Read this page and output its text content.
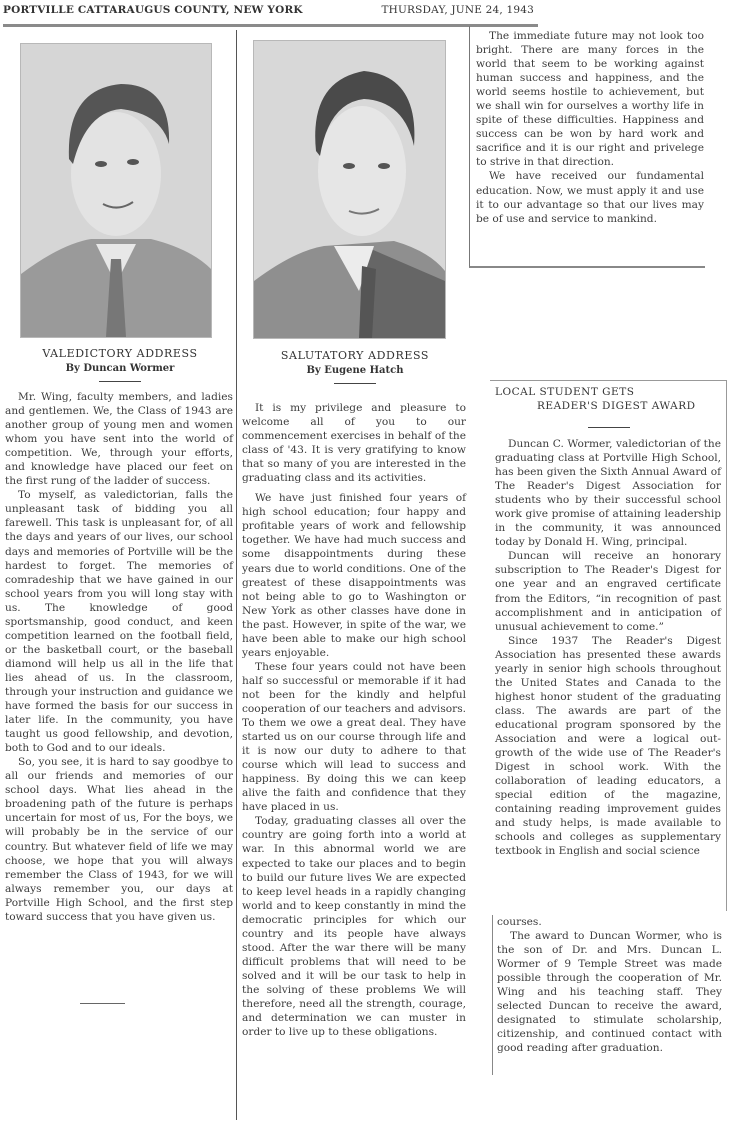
PORTVILLE CATTARAUGUS COUNTY, NEW YORK	THURSDAY, JUNE 24, 1943

The immediate future may not look too bright. There are many forces in the world that seem to be working against human success and happiness, and the world seems hostile to achievement, but we shall win for ourselves a worthy life in spite of these difficulties. Happiness and success can be won by hard work and sacrifice and it is our right and privelege to strive in that direction.

We have received our fundamental education. Now, we must apply it and use it to our advantage so that our lives may be of use and service to mankind.

VALEDICTORY ADDRESS
By Duncan Wormer

Mr. Wing, faculty members, and ladies and gentlemen. We, the Class of 1943 are another group of young men and women whom you have sent into the world of competition. We, through your efforts, and knowledge have placed our feet on the first rung of the ladder of success.

To myself, as valedictorian, falls the unpleasant task of bidding you all farewell. This task is unpleasant for, of all the days and years of our lives, our school days and memories of Portville will be the hardest to forget. The memories of comradeship that we have gained in our school years from you will long stay with us. The knowledge of good sportsmanship, good conduct, and keen competition learned on the football field, or the basketball court, or the baseball diamond will help us all in the life that lies ahead of us. In the classroom, through your instruction and guidance we have formed the basis for our success in later life. In the community, you have taught us good fellowship, and devotion, both to God and to our ideals.

So, you see, it is hard to say goodbye to all our friends and memories of our school days. What lies ahead in the broadening path of the future is perhaps uncertain for most of us, For the boys, we will probably be in the service of our country. But whatever field of life we may choose, we hope that you will always remember the Class of 1943, for we will always remember you, our days at Portville High School, and the first step toward success that you have given us.

SALUTATORY ADDRESS
By Eugene Hatch

It is my privilege and pleasure to welcome all of you to our commencement exercises in behalf of the class of '43. It is very gratifying to know that so many of you are interested in the graduating class and its activities.

We have just finished four years of high school education; four happy and profitable years of work and fellowship together. We have had much success and some disappointments during these years due to world conditions. One of the greatest of these disappointments was not being able to go to Washington or New York as other classes have done in the past. However, in spite of the war, we have been able to make our high school years enjoyable.

These four years could not have been half so successful or memorable if it had not been for the kindly and helpful cooperation of our teachers and advisors. To them we owe a great deal. They have started us on our course through life and it is now our duty to adhere to that course which will lead to success and happiness. By doing this we can keep alive the faith and confidence that they have placed in us.

Today, graduating classes all over the country are going forth into a world at war. In this abnormal world we are expected to take our places and to begin to build our future lives We are expected to keep level heads in a rapidly changing world and to keep constantly in mind the democratic principles for which our country and its people have always stood. After the war there will be many difficult problems that will need to be solved and it will be our task to help in the solving of these problems We will therefore, need all the strength, courage, and determination we can muster in order to live up to these obligations.

LOCAL STUDENT GETS
READER'S DIGEST AWARD

Duncan C. Wormer, valedictorian of the graduating class at Portville High School, has been given the Sixth Annual Award of The Reader's Digest Association for students who by their successful school work give promise of attaining leadership in the community, it was announced today by Donald H. Wing, principal.

Duncan will receive an honorary subscription to The Reader's Digest for one year and an engraved certificate from the Editors, “in recognition of past accomplishment and in anticipation of unusual achievement to come.”

Since 1937 The Reader's Digest Association has presented these awards yearly in senior high schools throughout the United States and Canada to the highest honor student of the graduating class. The awards are part of the educational program sponsored by the Association and were a logical out-growth of the wide use of The Reader's Digest in school work. With the collaboration of leading educators, a special edition of the magazine, containing reading improvement guides and study helps, is made available to schools and colleges as supplementary textbook in English and social science

courses.

The award to Duncan Wormer, who is the son of Dr. and Mrs. Duncan L. Wormer of 9 Temple Street was made possible through the cooperation of Mr. Wing and his teaching staff. They selected Duncan to receive the award, designated to stimulate scholarship, citizenship, and continued contact with good reading after graduation.
